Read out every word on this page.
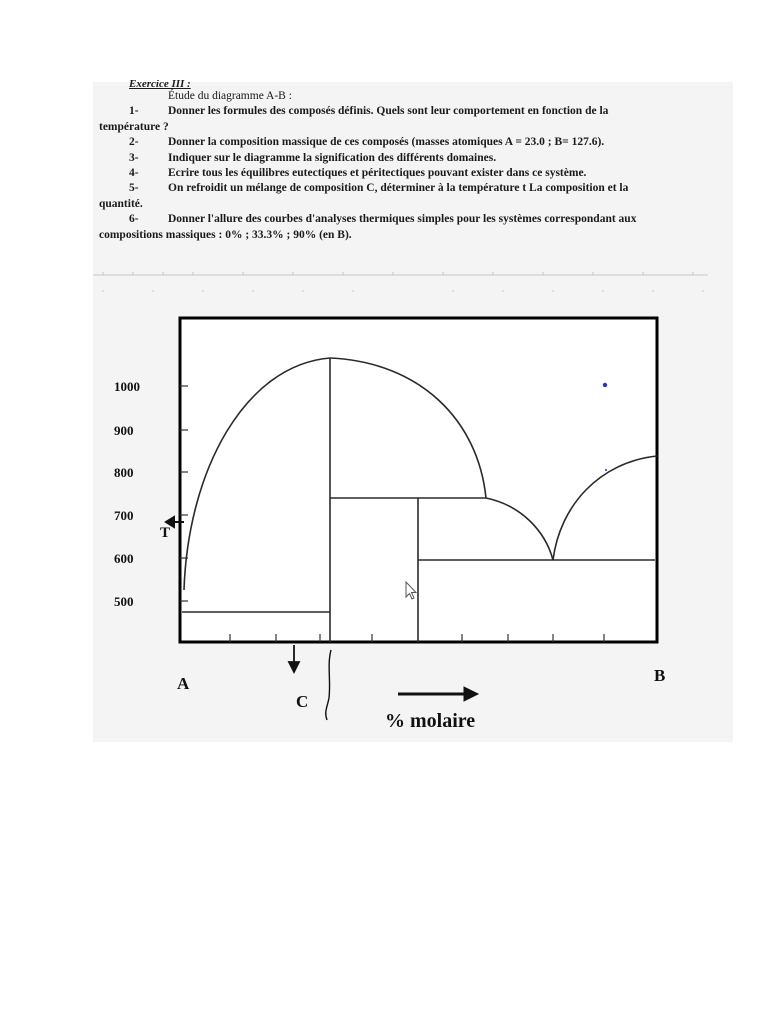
Exercice III :
Étude du diagramme A-B :
1-	Donner les formules des composés définis. Quels sont leur comportement en fonction de la
température ?
2-	Donner la composition massique de ces composés (masses atomiques A = 23.0 ; B= 127.6).
3-	Indiquer sur le diagramme la signification des différents domaines.
4-	Ecrire tous les équilibres eutectiques et péritectiques pouvant exister dans ce système.
5-	On refroidit un mélange de composition C, déterminer à la température t La composition et la
quantité.
6-	Donner l'allure des courbes d'analyses thermiques simples pour les systèmes correspondant aux
compositions massiques : 0% ; 33.3% ; 90% (en B).
1000
900
800
700
600
500
T
A	B
C
% molaire
